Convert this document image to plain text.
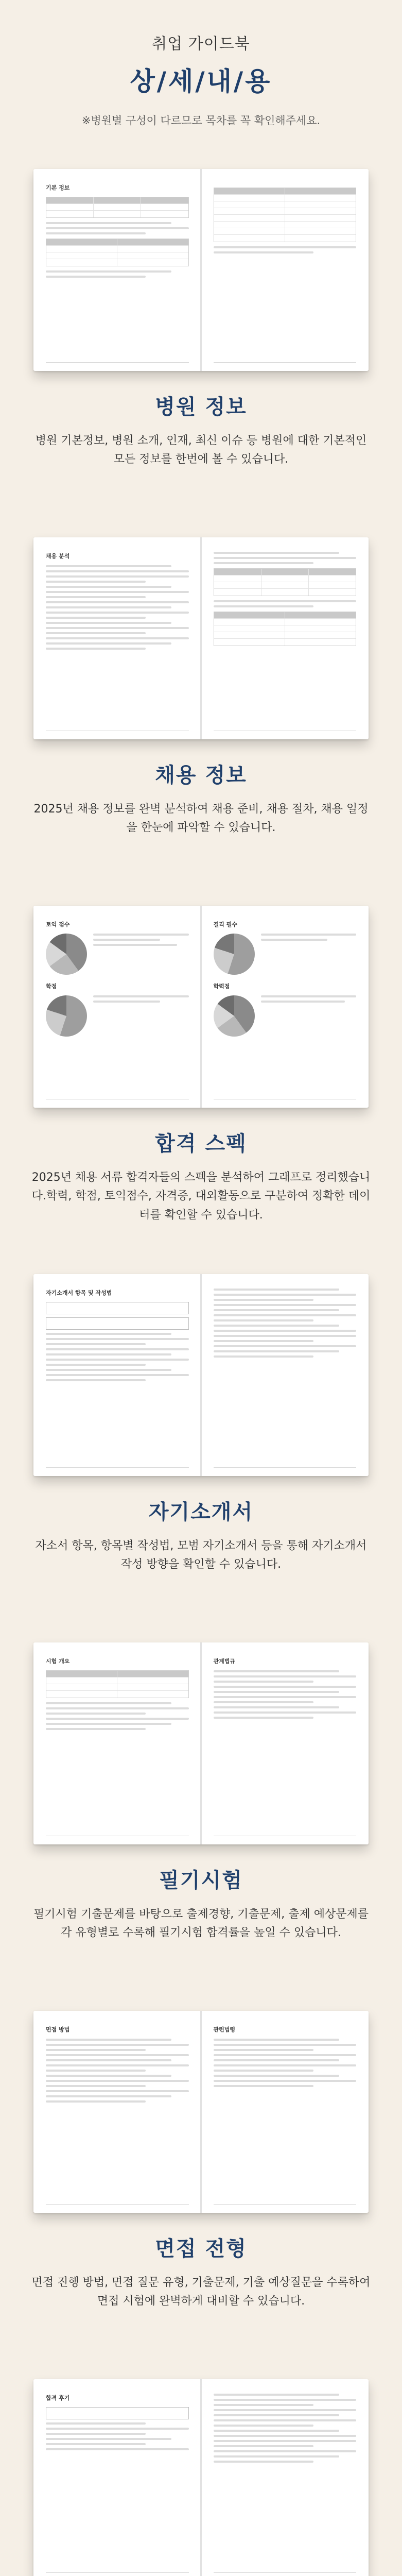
취업 가이드북
상/세/내/용
※병원별 구성이 다르므로 목차를 꼭 확인해주세요.
기본 정보
병원 정보
병원 기본정보, 병원 소개, 인재, 최신 이슈 등 병원에 대한 기본적인 모든 정보를 한번에 볼 수 있습니다.
채용 분석
채용 정보
2025년 채용 정보를 완벽 분석하여 채용 준비, 채용 절차, 채용 일정을 한눈에 파악할 수 있습니다.
토익 점수
학점
결격 필수
학력점
합격 스펙
2025년 채용 서류 합격자들의 스펙을 분석하여 그래프로 정리했습니다.학력, 학점, 토익점수, 자격증, 대외활동으로 구분하여 정확한 데이터를 확인할 수 있습니다.
자기소개서 항목 및 작성법
자기소개서
자소서 항목, 항목별 작성법, 모범 자기소개서 등을 통해 자기소개서 작성 방향을 확인할 수 있습니다.
시험 개요	관계법규
필기시험
필기시험 기출문제를 바탕으로 출제경향, 기출문제, 출제 예상문제를 각 유형별로 수록해 필기시험 합격률을 높일 수 있습니다.
면접 방법	관련법령
면접 전형
면접 진행 방법, 면접 질문 유형, 기출문제, 기출 예상질문을 수록하여 면접 시험에 완벽하게 대비할 수 있습니다.
합격 후기
